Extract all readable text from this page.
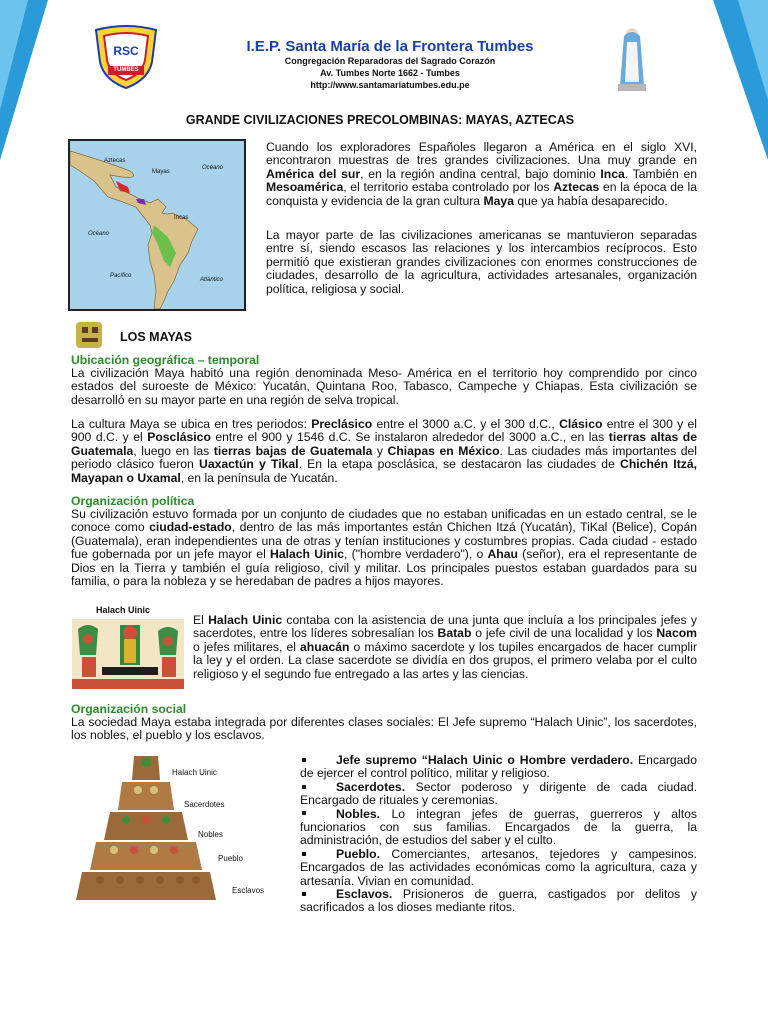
RSC
TUMBES
I.E.P. Santa María de la Frontera Tumbes
Congregación Reparadoras del Sagrado Corazón
Av. Tumbes Norte 1662 - Tumbes
http://www.santamariatumbes.edu.pe
GRANDE CIVILIZACIONES PRECOLOMBINAS: MAYAS, AZTECAS
Aztecas
Mayas
Océano
Incas
Océano
Pacífico
Atlántico
Cuando los exploradores Españoles llegaron a América en el siglo XVI, encontraron muestras de tres grandes civilizaciones. Una muy grande en América del sur, en la región andina central, bajo dominio Inca. También en Mesoamérica, el territorio estaba controlado por los Aztecas en la época de la conquista y evidencia de la gran cultura Maya que ya había desaparecido.
La mayor parte de las civilizaciones americanas se mantuvieron separadas entre sí, siendo escasos las relaciones y los intercambios recíprocos. Esto permitió que existieran grandes civilizaciones con enormes construcciones de ciudades, desarrollo de la agricultura, actividades artesanales, organización política, religiosa y social.
LOS MAYAS
Ubicación geográfica – temporal
La civilización Maya habitó una región denominada Meso- América en el territorio hoy comprendido por cinco estados del suroeste de México: Yucatán, Quintana Roo, Tabasco, Campeche y Chiapas. Esta civilización se desarrolló en su mayor parte en una región de selva tropical.
La cultura Maya se ubica en tres periodos: Preclásico entre el 3000 a.C. y el 300 d.C., Clásico entre el 300 y el 900 d.C. y el Posclásico entre el 900 y 1546 d.C. Se instalaron alrededor del 3000 a.C., en las tierras altas de Guatemala, luego en las tierras bajas de Guatemala y Chiapas en México. Las ciudades más importantes del periodo clásico fueron Uaxactún y Tikal. En la etapa posclásica, se destacaron las ciudades de Chichén Itzá, Mayapan o Uxamal, en la península de Yucatán.
Organización política
Su civilización estuvo formada por un conjunto de ciudades que no estaban unificadas en un estado central, se le conoce como ciudad-estado, dentro de las más importantes están Chichen Itzá (Yucatán), TiKal (Belice), Copán (Guatemala), eran independientes una de otras y tenían instituciones y costumbres propias. Cada ciudad - estado fue gobernada por un jefe mayor el Halach Uinic, ("hombre verdadero"), o Ahau (señor), era el representante de Dios en la Tierra y también el guía religioso, civil y militar. Los principales puestos estaban guardados para su familia, o para la nobleza y se heredaban de padres a hijos mayores.
Halach Uinic
El Halach Uinic contaba con la asistencia de una junta que incluía a los principales jefes y sacerdotes, entre los líderes sobresalían los Batab o jefe civil de una localidad y los Nacom o jefes militares, el ahuacán o máximo sacerdote y los tupiles encargados de hacer cumplir la ley y el orden. La clase sacerdote se dividía en dos grupos, el primero velaba por el culto religioso y el segundo fue entregado a las artes y las ciencias.
Organización social
La sociedad Maya estaba integrada por diferentes clases sociales: El Jefe supremo “Halach Uinic”, los sacerdotes, los nobles, el pueblo y los esclavos.
Halach Uinic
Sacerdotes
Nobles
Pueblo
Esclavos
Jefe supremo “Halach Uinic o Hombre verdadero. Encargado de ejercer el control político, militar y religioso.
Sacerdotes. Sector poderoso y dirigente de cada ciudad. Encargado de rituales y ceremonias.
Nobles. Lo integran jefes de guerras, guerreros y altos funcionarios con sus familias. Encargados de la guerra, la administración, de estudios del saber y el culto.
Pueblo. Comerciantes, artesanos, tejedores y campesinos. Encargados de las actividades económicas como la agricultura, caza y artesanía. Vivian en comunidad.
Esclavos. Prisioneros de guerra, castigados por delitos y sacrificados a los dioses mediante ritos.
